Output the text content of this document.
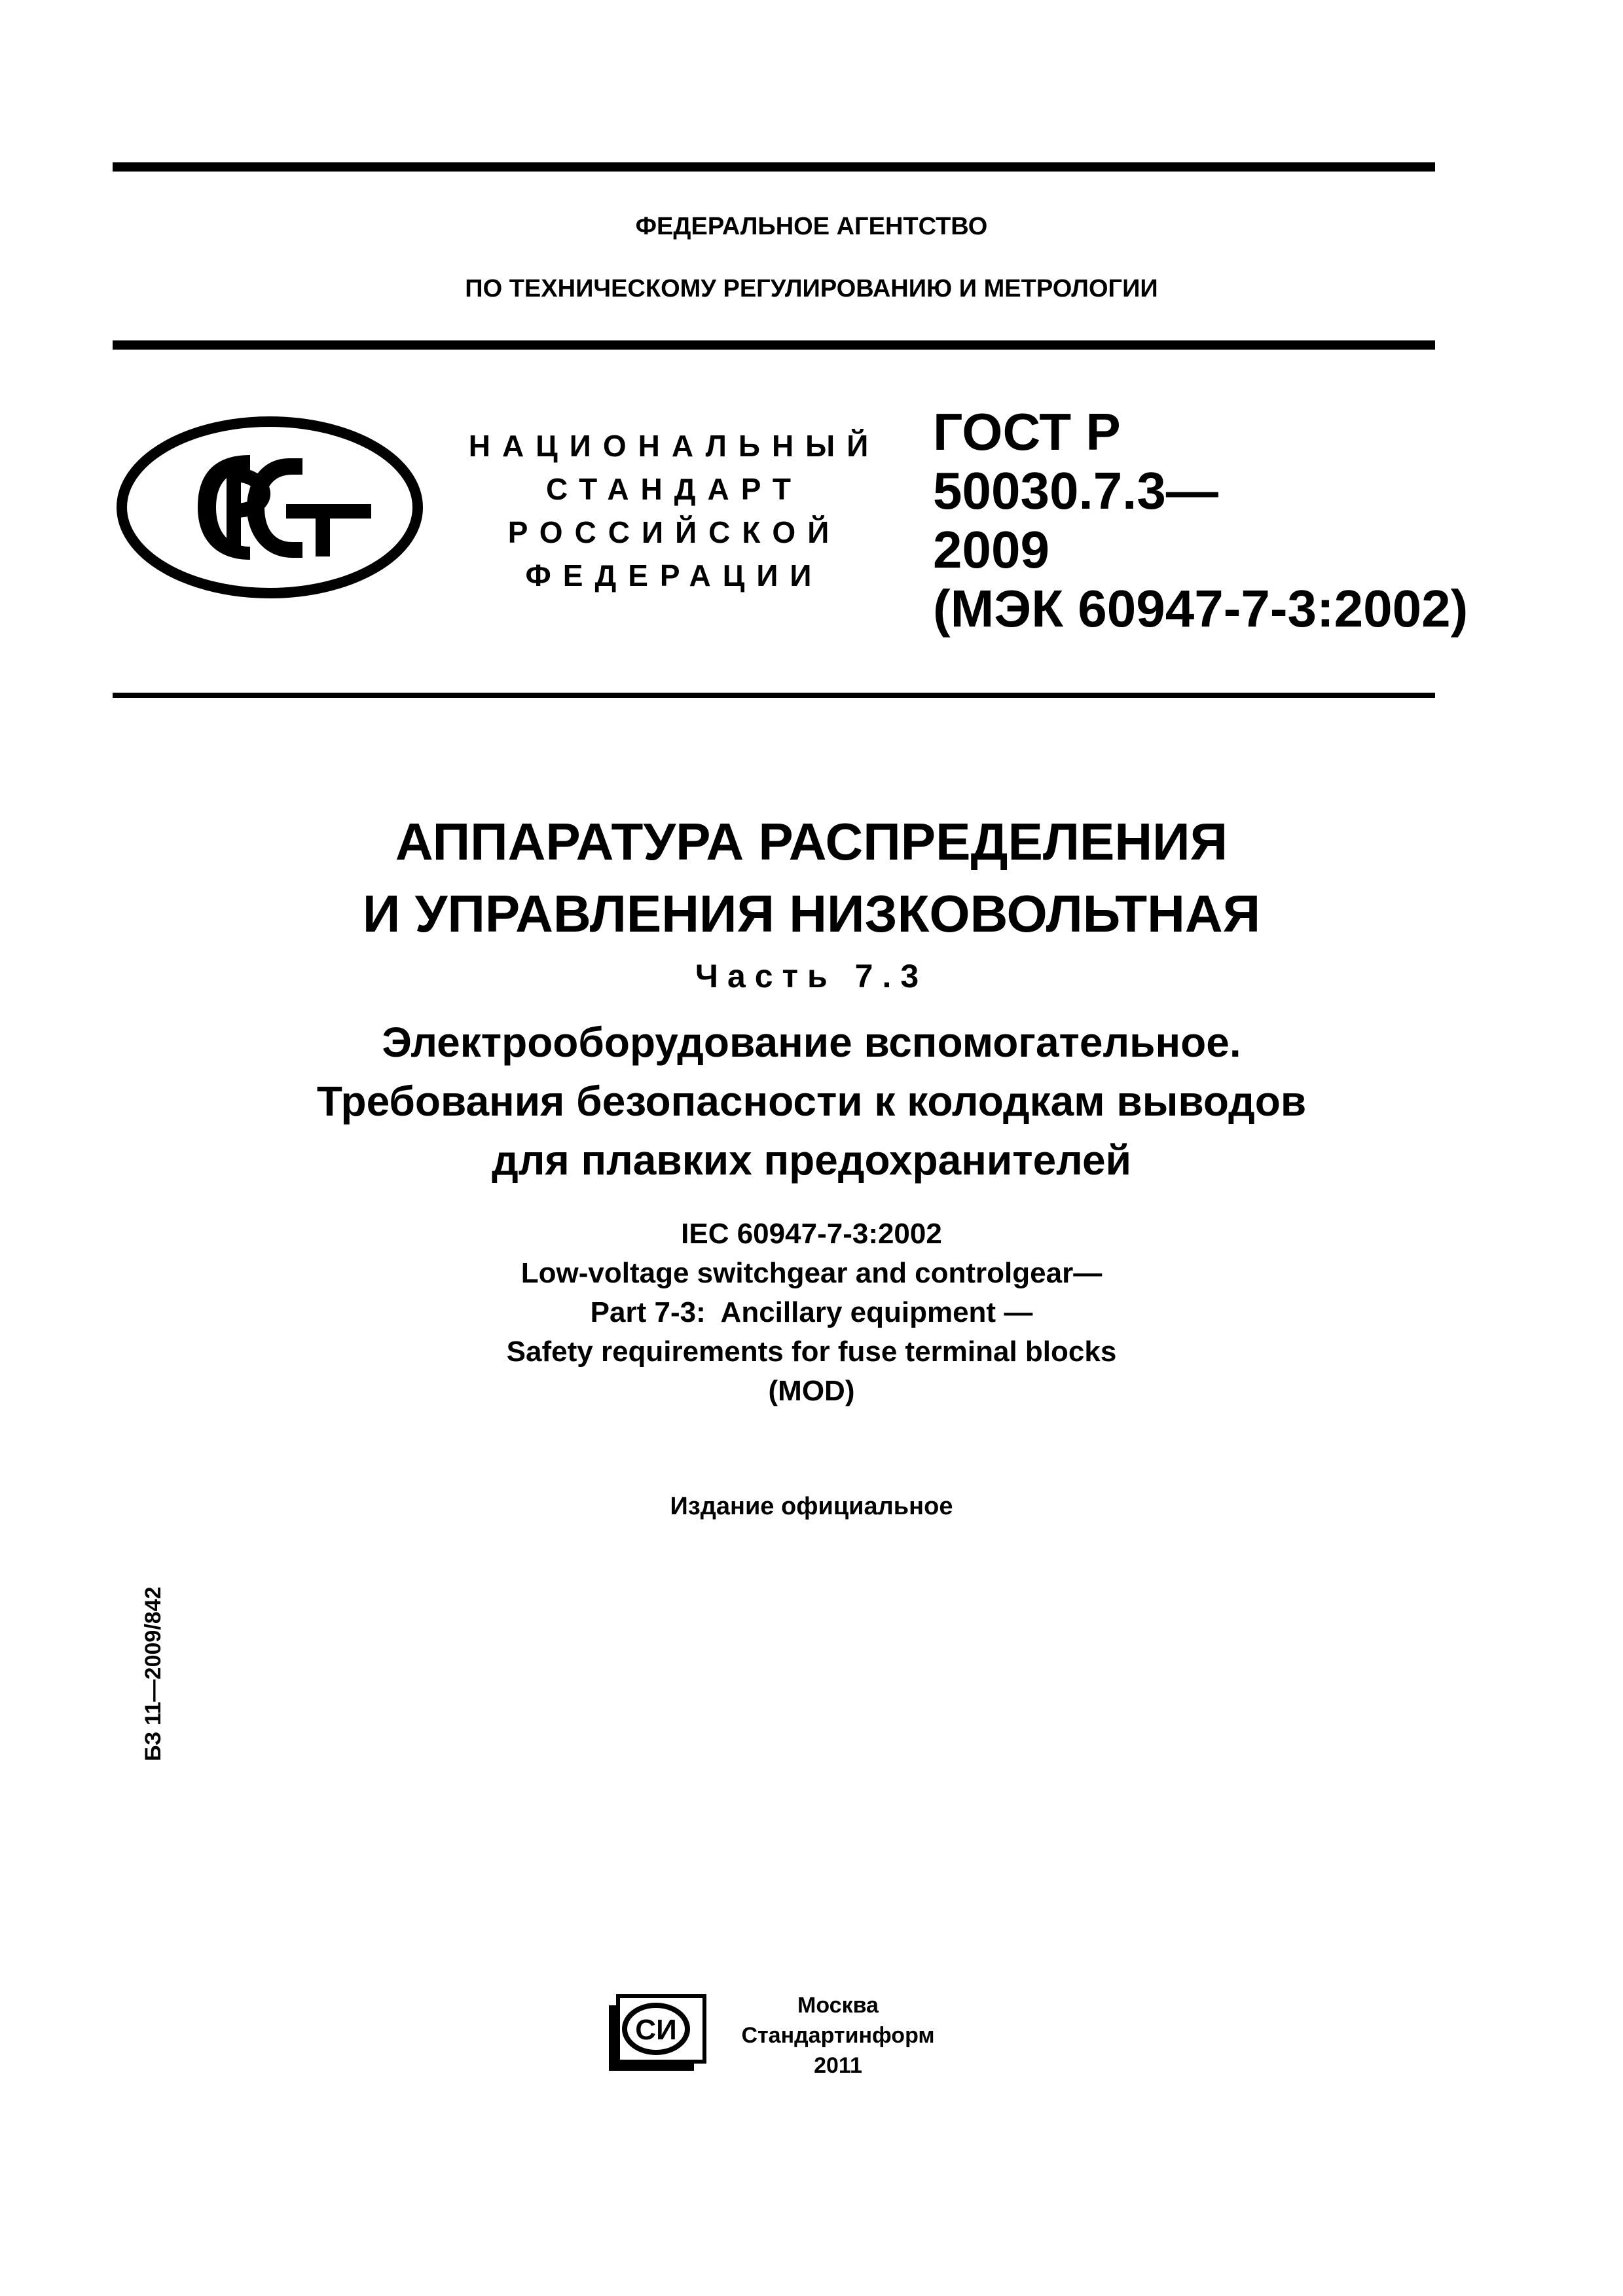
ФЕДЕРАЛЬНОЕ АГЕНТСТВО
ПО ТЕХНИЧЕСКОМУ РЕГУЛИРОВАНИЮ И МЕТРОЛОГИИ
НАЦИОНАЛЬНЫЙ
СТАНДАРТ
РОССИЙСКОЙ
ФЕДЕРАЦИИ
ГОСТ Р
50030.7.3—
2009
(МЭК 60947-7-3:2002)
АППАРАТУРА РАСПРЕДЕЛЕНИЯ
И УПРАВЛЕНИЯ НИЗКОВОЛЬТНАЯ
Часть 7.3
Электрооборудование вспомогательное.
Требования безопасности к колодкам выводов
для плавких предохранителей
IEC 60947-7-3:2002
Low-voltage switchgear and controlgear—
Part 7-3:  Ancillary equipment —
Safety requirements for fuse terminal blocks
(MOD)
Издание официальное
БЗ 11—2009/842
СИ
Москва
Стандартинформ
2011
